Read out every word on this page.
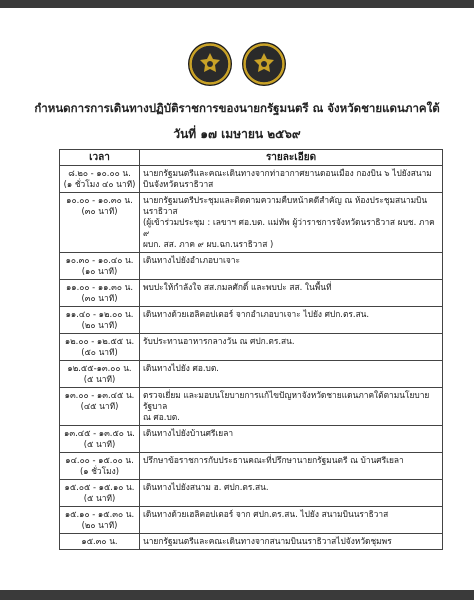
กำหนดการการเดินทางปฏิบัติราชการของนายกรัฐมนตรี ณ จังหวัดชายแดนภาคใต้
วันที่ ๑๗ เมษายน ๒๕๖๙
เวลา	รายละเอียด
๘.๒๐ - ๑๐.๐๐ น.
(๑ ชั่วโมง ๔๐ นาที)	นายกรัฐมนตรีและคณะเดินทางจากท่าอากาศยานดอนเมือง กองบิน ๖ ไปยังสนามบินจังหวัดนราธิวาส
๑๐.๐๐ - ๑๐.๓๐ น.
(๓๐ นาที)	นายกรัฐมนตรีประชุมและติดตามความคืบหน้าคดีสำคัญ ณ ห้องประชุมสนามบินนราธิวาส
(ผู้เข้าร่วมประชุม : เลขาฯ ศอ.บต. แม่ทัพ ผู้ว่าราชการจังหวัดนราธิวาส ผบช. ภาค ๙
ผบก. สส. ภาค ๙ ผบ.ฉก.นราธิวาส )
๑๐.๓๐ - ๑๐.๔๐ น.
(๑๐ นาที)	เดินทางไปยังอำเภอบาเจาะ
๑๑.๐๐ - ๑๑.๓๐ น.
(๓๐ นาที)	พบปะให้กำลังใจ สส.กมลศักดิ์ และพบปะ สส. ในพื้นที่
๑๑.๔๐ - ๑๒.๐๐ น.
(๒๐ นาที)	เดินทางด้วยเฮลิคอปเตอร์ จากอำเภอบาเจาะ ไปยัง ศปก.ตร.สน.
๑๒.๐๐ - ๑๒.๕๕ น.
(๕๐ นาที)	รับประทานอาหารกลางวัน ณ ศปก.ตร.สน.
๑๒.๕๕-๑๓.๐๐ น.
(๕ นาที)	เดินทางไปยัง ศอ.บต.
๑๓.๐๐ - ๑๓.๔๕ น.
(๔๕ นาที)	ตรวจเยี่ยม และมอบนโยบายการแก้ไขปัญหาจังหวัดชายแดนภาคใต้ตามนโยบายรัฐบาล
ณ ศอ.บต.
๑๓.๔๕ - ๑๓.๕๐ น.
(๕ นาที)	เดินทางไปยังบ้านศรีเยลา
๑๔.๐๐ - ๑๕.๐๐ น.
(๑ ชั่วโมง)	ปรึกษาข้อราชการกับประธานคณะที่ปรึกษานายกรัฐมนตรี ณ บ้านศรีเยลา
๑๕.๐๕ - ๑๕.๑๐ น.
(๕ นาที)	เดินทางไปยังสนาม ฮ. ศปก.ตร.สน.
๑๕.๑๐ - ๑๕.๓๐ น.
(๒๐ นาที)	เดินทางด้วยเฮลิคอปเตอร์ จาก ศปก.ตร.สน. ไปยัง สนามบินนราธิวาส
๑๕.๓๐ น.	นายกรัฐมนตรีและคณะเดินทางจากสนามบินนราธิวาสไปจังหวัดชุมพร
